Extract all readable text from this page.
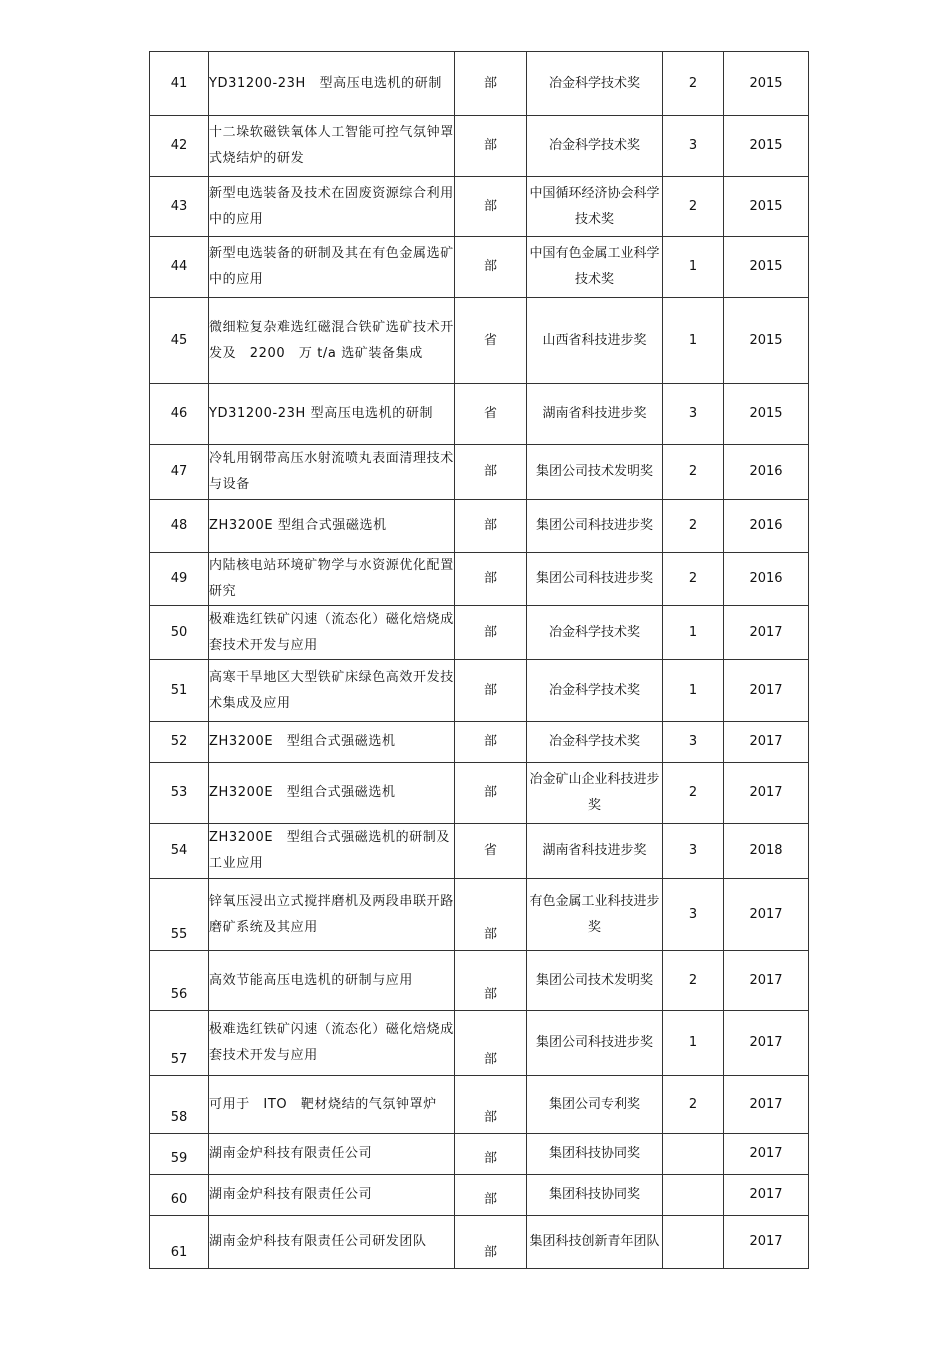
41	YD31200-23H　型高压电选机的研制	部	冶金科学技术奖	2	2015
42	十二垛软磁铁氧体人工智能可控气氛钟罩式烧结炉的研发	部	冶金科学技术奖	3	2015
43	新型电选装备及技术在固废资源综合利用中的应用	部	中国循环经济协会科学技术奖	2	2015
44	新型电选装备的研制及其在有色金属选矿中的应用	部	中国有色金属工业科学技术奖	1	2015
45	微细粒复杂难选红磁混合铁矿选矿技术开发及　2200　万 t/a 选矿装备集成	省	山西省科技进步奖	1	2015
46	YD31200-23H 型高压电选机的研制	省	湖南省科技进步奖	3	2015
47	冷轧用钢带高压水射流喷丸表面清理技术与设备	部	集团公司技术发明奖	2	2016
48	ZH3200E 型组合式强磁选机	部	集团公司科技进步奖	2	2016
49	内陆核电站环境矿物学与水资源优化配置研究	部	集团公司科技进步奖	2	2016
50	极难选红铁矿闪速（流态化）磁化焙烧成套技术开发与应用	部	冶金科学技术奖	1	2017
51	高寒干旱地区大型铁矿床绿色高效开发技术集成及应用	部	冶金科学技术奖	1	2017
52	ZH3200E　型组合式强磁选机	部	冶金科学技术奖	3	2017
53	ZH3200E　型组合式强磁选机	部	冶金矿山企业科技进步奖	2	2017
54	ZH3200E　型组合式强磁选机的研制及工业应用	省	湖南省科技进步奖	3	2018
55	锌氧压浸出立式搅拌磨机及两段串联开路磨矿系统及其应用	部	有色金属工业科技进步奖	3	2017
56	高效节能高压电选机的研制与应用	部	集团公司技术发明奖	2	2017
57	极难选红铁矿闪速（流态化）磁化焙烧成套技术开发与应用	部	集团公司科技进步奖	1	2017
58	可用于　ITO　靶材烧结的气氛钟罩炉	部	集团公司专利奖	2	2017
59	湖南金炉科技有限责任公司	部	集团科技协同奖		2017
60	湖南金炉科技有限责任公司	部	集团科技协同奖		2017
61	湖南金炉科技有限责任公司研发团队	部	集团科技创新青年团队		2017
